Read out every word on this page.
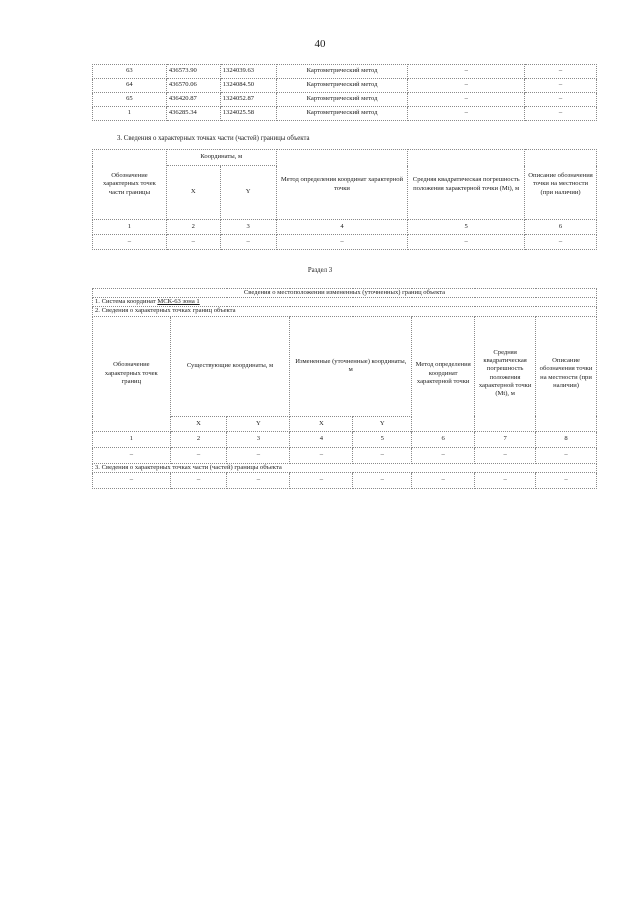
40
63	436573.90	1324039.63	Картометрический метод	–	–
64	436570.06	1324084.50	Картометрический метод	–	–
65	436420.87	1324052.87	Картометрический метод	–	–
1	436285.34	1324025.58	Картометрический метод	–	–
3. Сведения о характерных точках части (частей) границы объекта
Обозначение характерных точек части границы	Координаты, м		Метод определения координат характерной точки	Средняя квадратическая погрешность положения характерной точки (Mt), м	Описание обозначения точки на местности (при наличии)
	X	Y			
1	2	3	4	5	6
–	–	–	–	–	–
Раздел 3
Сведения о местоположении измененных (уточненных) границ объекта							
1. Система координат МСК-63 зона 1							
2. Сведения о характерных точках границ объекта							
Обозначение характерных точек границ	Существующие координаты, м		Измененные (уточненные) координаты, м		Метод определения координат характерной точки	Средняя квадратическая погрешность положения характерной точки (Mt), м	Описание обозначения точки на местности (при наличии)
	X	Y	X	Y			
1	2	3	4	5	6	7	8
–	–	–	–	–	–	–	–
3. Сведения о характерных точках части (частей) границы объекта							
–	–	–	–	–	–	–	–
